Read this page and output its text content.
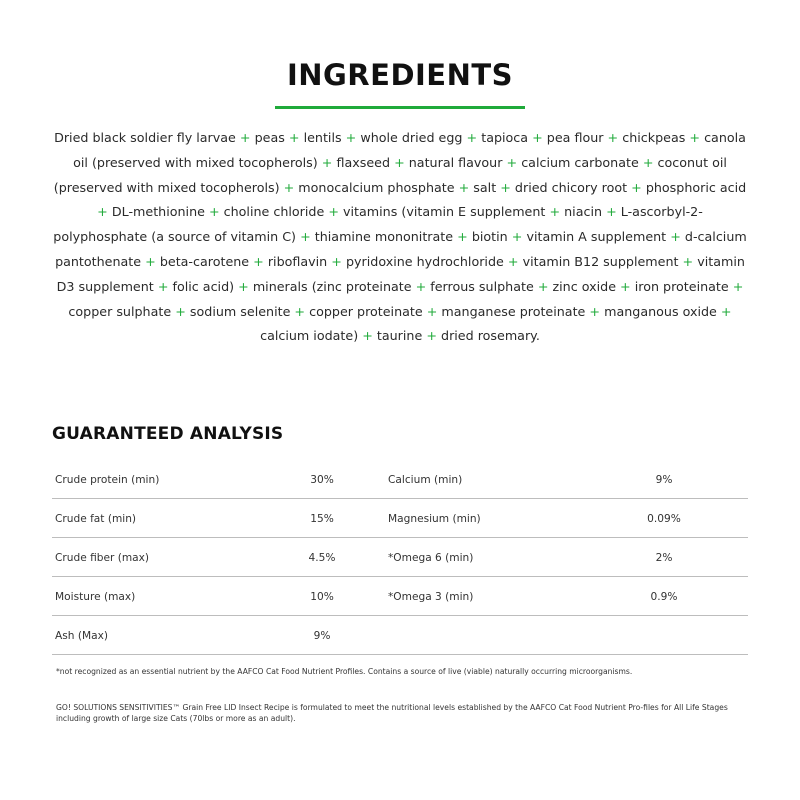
INGREDIENTS

Dried black soldier fly larvae + peas + lentils + whole dried egg + tapioca + pea flour + chickpeas + canola oil (preserved with mixed tocopherols) + flaxseed + natural flavour + calcium carbonate + coconut oil (preserved with mixed tocopherols) + monocalcium phosphate + salt + dried chicory root + phosphoric acid + DL-methionine + choline chloride + vitamins (vitamin E supplement + niacin + L-ascorbyl-2-polyphosphate (a source of vitamin C) + thiamine mononitrate + biotin + vitamin A supplement + d-calcium pantothenate + beta-carotene + riboflavin + pyridoxine hydrochloride + vitamin B12 supplement + vitamin D3 supplement + folic acid) + minerals (zinc proteinate + ferrous sulphate + zinc oxide + iron proteinate + copper sulphate + sodium selenite + copper proteinate + manganese proteinate + manganous oxide + calcium iodate) + taurine + dried rosemary.

GUARANTEED ANALYSIS
Crude protein (min)	30%	Calcium (min)	9%
Crude fat (min)	15%	Magnesium (min)	0.09%
Crude fiber (max)	4.5%	*Omega 6 (min)	2%
Moisture (max)	10%	*Omega 3 (min)	0.9%
Ash (Max)	9%

*not recognized as an essential nutrient by the AAFCO Cat Food Nutrient Profiles. Contains a source of live (viable) naturally occurring microorganisms.

GO! SOLUTIONS SENSITIVITIES™ Grain Free LID Insect Recipe is formulated to meet the nutritional levels established by the AAFCO Cat Food Nutrient Pro-files for All Life Stages including growth of large size Cats (70lbs or more as an adult).
